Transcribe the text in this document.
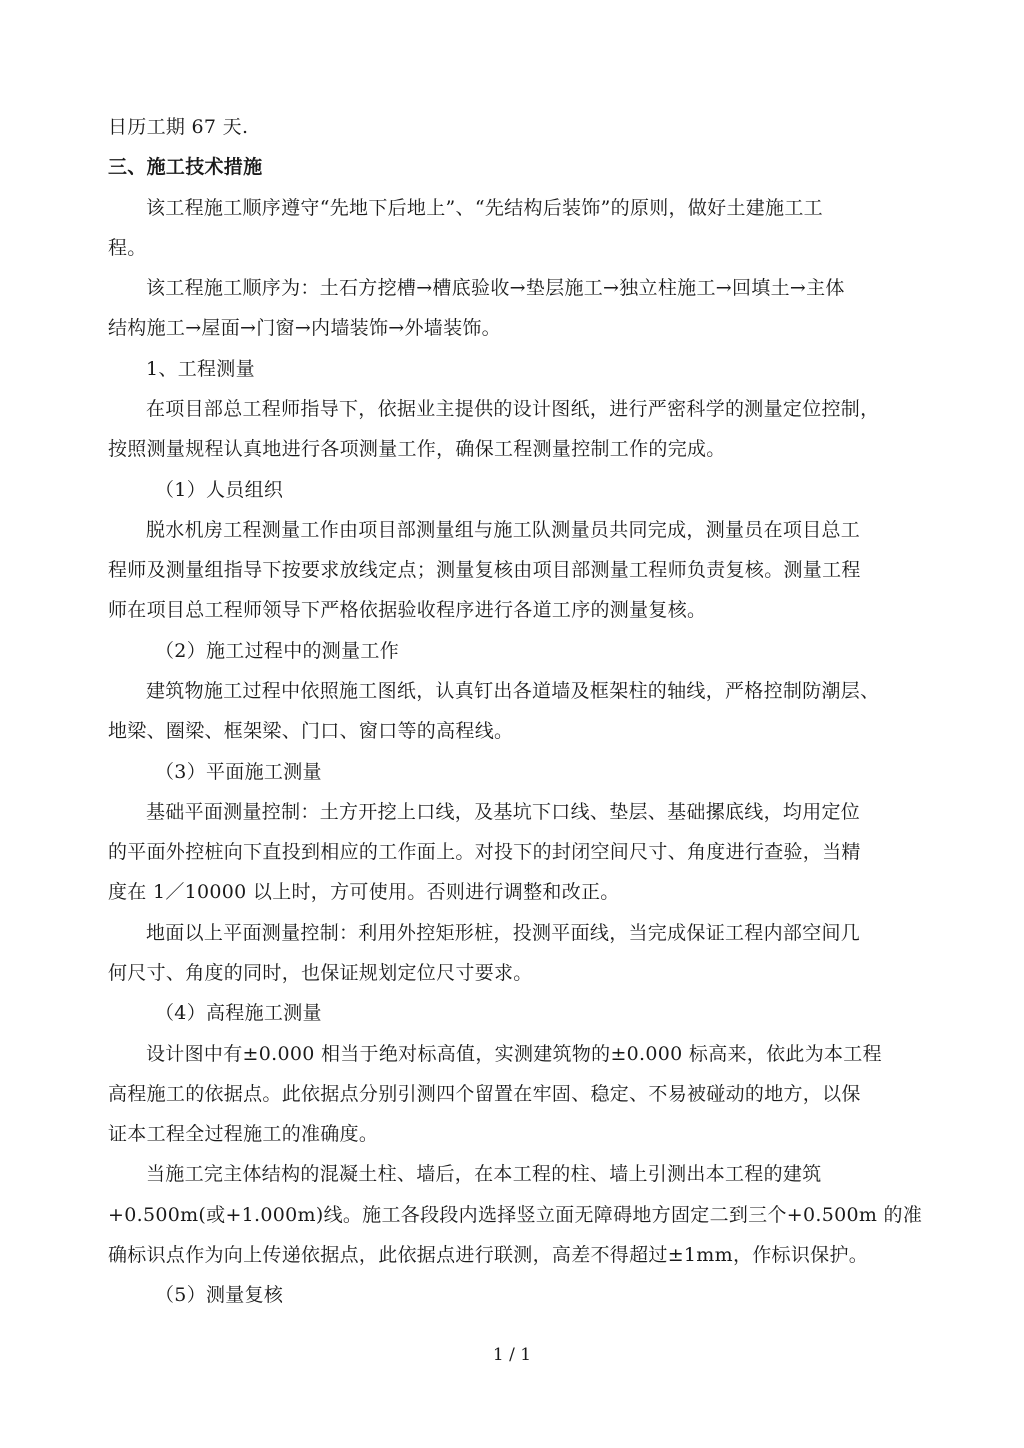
日历工期 67 天.
三、施工技术措施
该工程施工顺序遵守“先地下后地上”、“先结构后装饰”的原则，做好土建施工工
程。
该工程施工顺序为：土石方挖槽→槽底验收→垫层施工→独立柱施工→回填土→主体
结构施工→屋面→门窗→内墙装饰→外墙装饰。
1、工程测量
在项目部总工程师指导下，依据业主提供的设计图纸，进行严密科学的测量定位控制，
按照测量规程认真地进行各项测量工作，确保工程测量控制工作的完成。
（1）人员组织
脱水机房工程测量工作由项目部测量组与施工队测量员共同完成，测量员在项目总工
程师及测量组指导下按要求放线定点；测量复核由项目部测量工程师负责复核。测量工程
师在项目总工程师领导下严格依据验收程序进行各道工序的测量复核。
（2）施工过程中的测量工作
建筑物施工过程中依照施工图纸，认真钉出各道墙及框架柱的轴线，严格控制防潮层、
地梁、圈梁、框架梁、门口、窗口等的高程线。
（3）平面施工测量
基础平面测量控制：土方开挖上口线，及基坑下口线、垫层、基础摞底线，均用定位
的平面外控桩向下直投到相应的工作面上。对投下的封闭空间尺寸、角度进行查验，当精
度在 1／10000 以上时，方可使用。否则进行调整和改正。
地面以上平面测量控制：利用外控矩形桩，投测平面线，当完成保证工程内部空间几
何尺寸、角度的同时，也保证规划定位尺寸要求。
（4）高程施工测量
设计图中有±0.000 相当于绝对标高值，实测建筑物的±0.000 标高来，依此为本工程
高程施工的依据点。此依据点分别引测四个留置在牢固、稳定、不易被碰动的地方，以保
证本工程全过程施工的准确度。
当施工完主体结构的混凝土柱、墙后，在本工程的柱、墙上引测出本工程的建筑
+0.500m(或+1.000m)线。施工各段段内选择竖立面无障碍地方固定二到三个+0.500m 的准
确标识点作为向上传递依据点，此依据点进行联测，高差不得超过±1mm，作标识保护。
（5）测量复核
1 / 1
